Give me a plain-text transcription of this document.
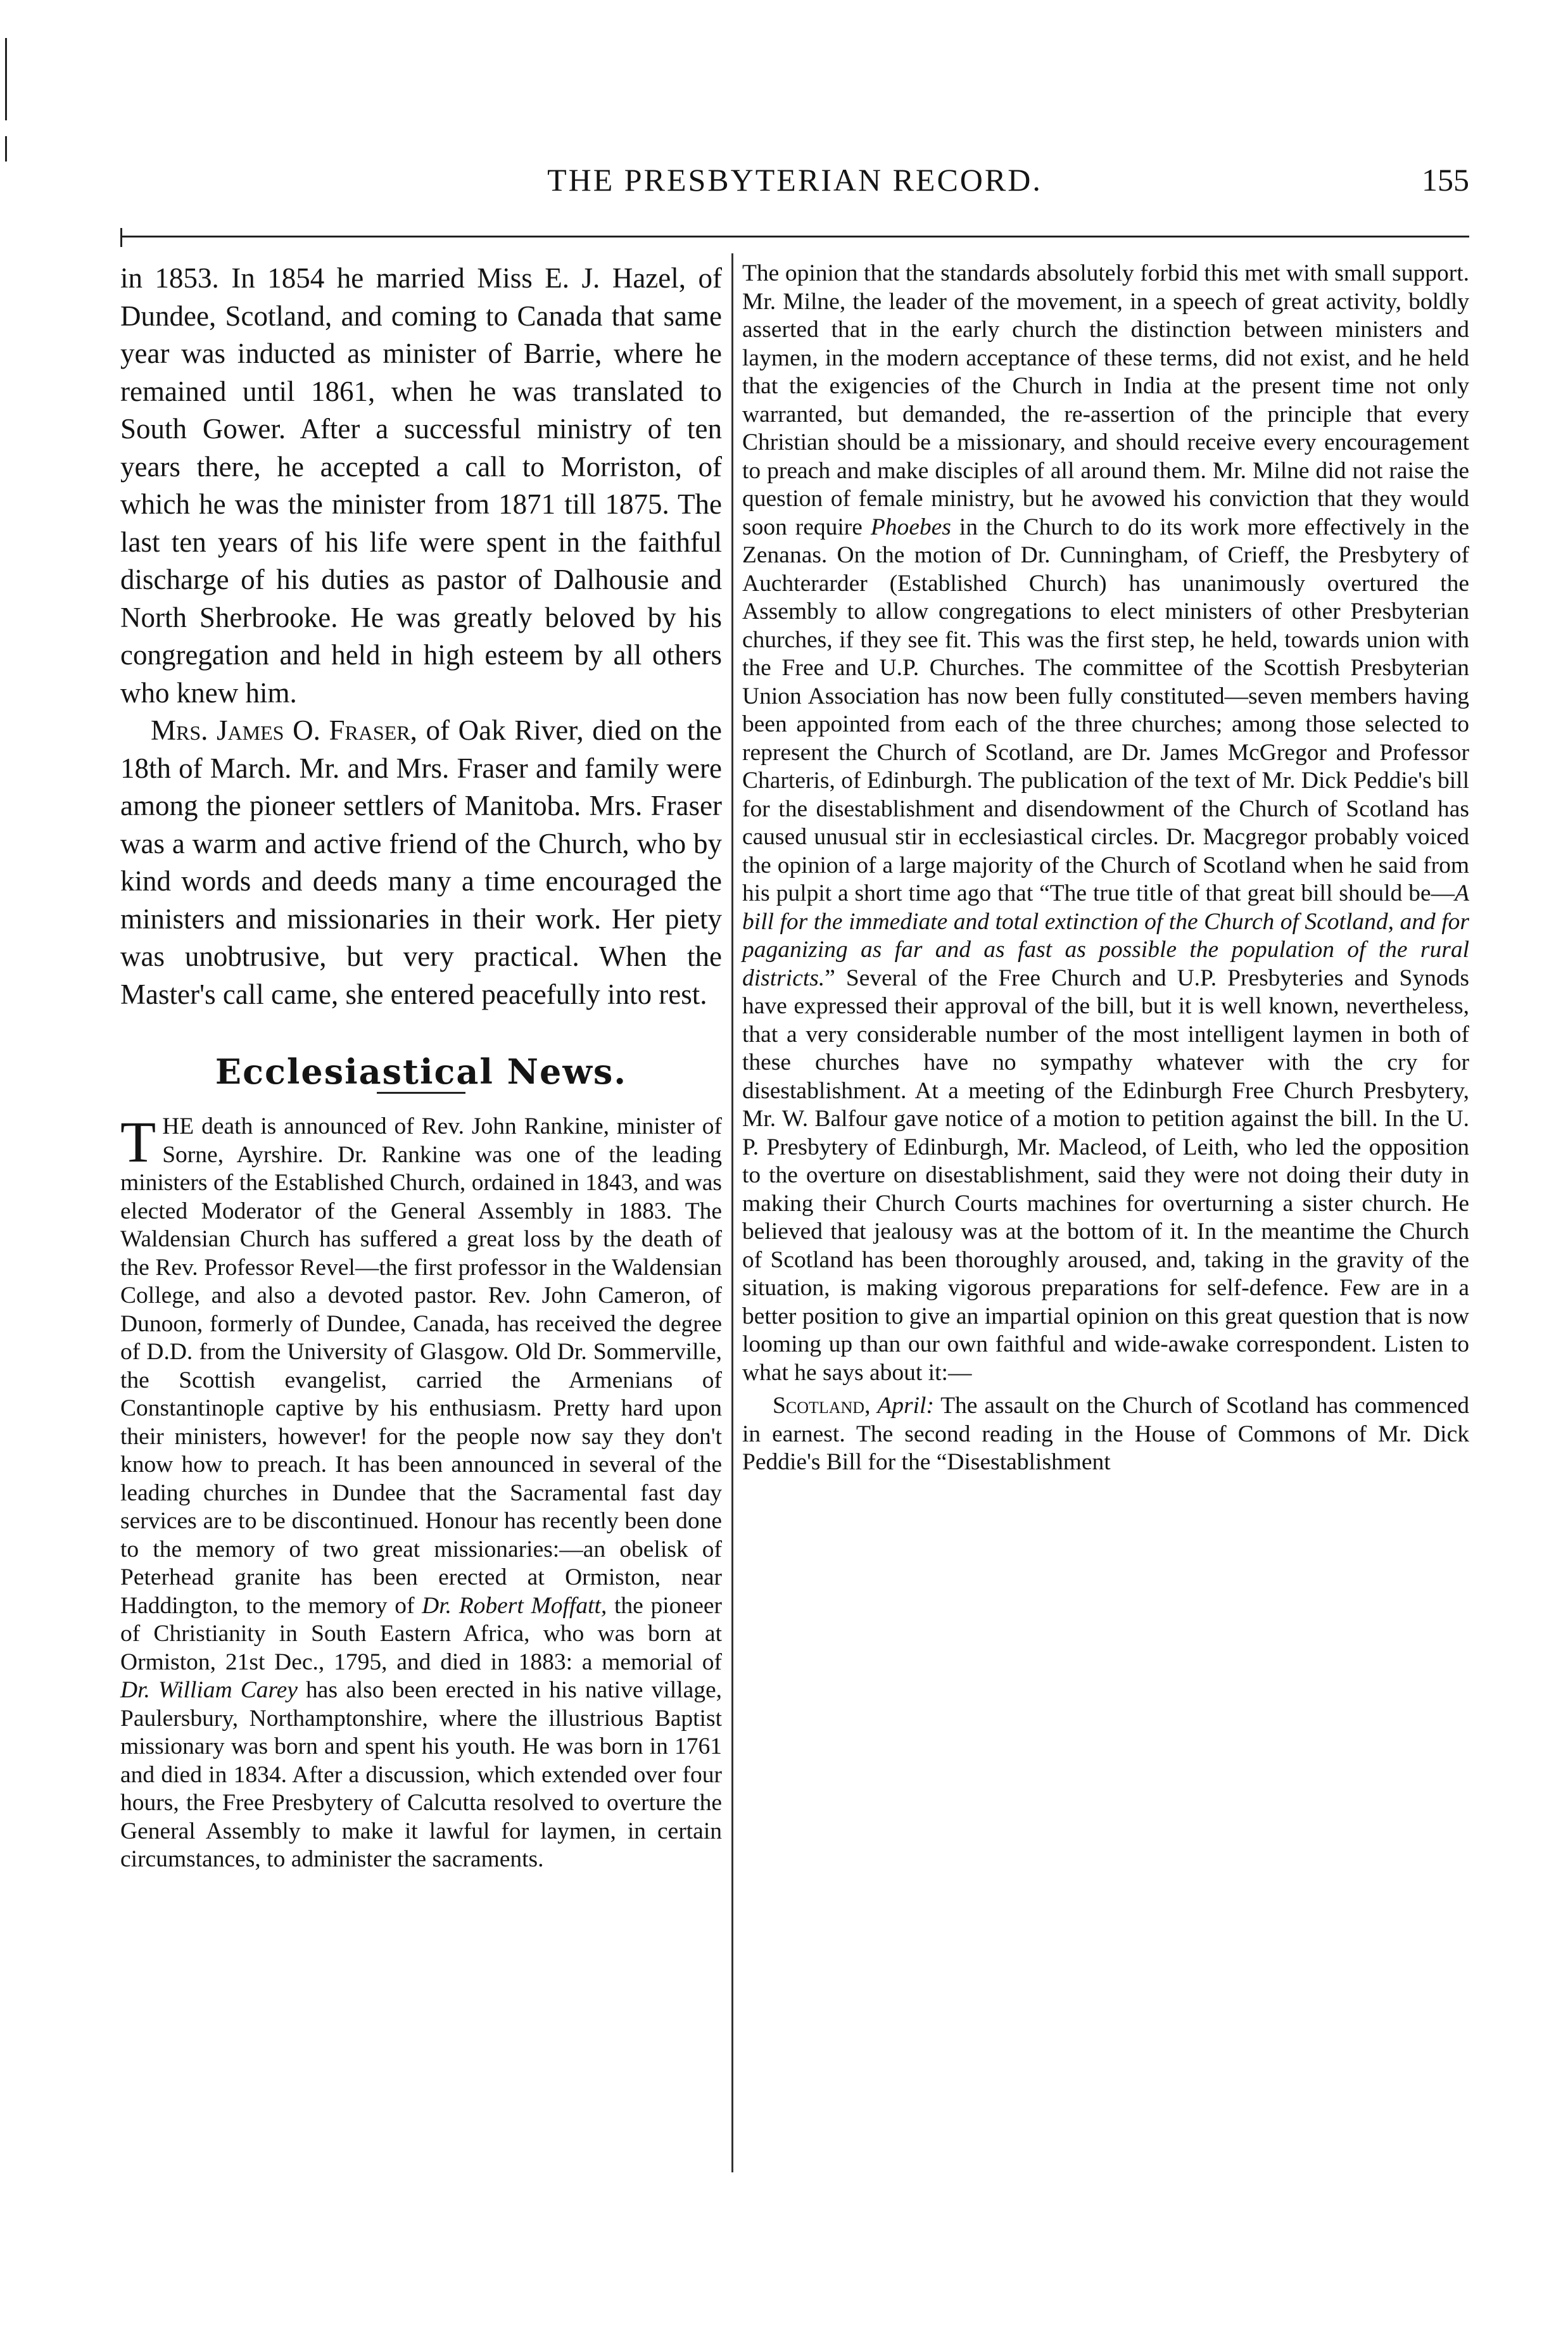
THE PRESBYTERIAN RECORD.	155

in 1853. In 1854 he married Miss E. J. Hazel, of Dundee, Scotland, and coming to Canada that same year was inducted as minister of Barrie, where he remained until 1861, when he was translated to South Gower. After a successful ministry of ten years there, he accepted a call to Morriston, of which he was the minister from 1871 till 1875. The last ten years of his life were spent in the faithful discharge of his duties as pastor of Dalhousie and North Sherbrooke. He was greatly beloved by his congregation and held in high esteem by all others who knew him.

Mrs. James O. Fraser, of Oak River, died on the 18th of March. Mr. and Mrs. Fraser and family were among the pioneer settlers of Manitoba. Mrs. Fraser was a warm and active friend of the Church, who by kind words and deeds many a time encouraged the ministers and missionaries in their work. Her piety was unobtrusive, but very practical. When the Master's call came, she entered peacefully into rest.

Ecclesiastical News.

THE death is announced of Rev. John Rankine, minister of Sorne, Ayrshire. Dr. Rankine was one of the leading ministers of the Established Church, ordained in 1843, and was elected Moderator of the General Assembly in 1883. The Waldensian Church has suffered a great loss by the death of the Rev. Professor Revel—the first professor in the Waldensian College, and also a devoted pastor. Rev. John Cameron, of Dunoon, formerly of Dundee, Canada, has received the degree of D.D. from the University of Glasgow. Old Dr. Sommerville, the Scottish evangelist, carried the Armenians of Constantinople captive by his enthusiasm. Pretty hard upon their ministers, however! for the people now say they don't know how to preach. It has been announced in several of the leading churches in Dundee that the Sacramental fast day services are to be discontinued. Honour has recently been done to the memory of two great missionaries:—an obelisk of Peterhead granite has been erected at Ormiston, near Haddington, to the memory of Dr. Robert Moffatt, the pioneer of Christianity in South Eastern Africa, who was born at Ormiston, 21st Dec., 1795, and died in 1883: a memorial of Dr. William Carey has also been erected in his native village, Paulersbury, Northamptonshire, where the illustrious Baptist missionary was born and spent his youth. He was born in 1761 and died in 1834. After a discussion, which extended over four hours, the Free Presbytery of Calcutta resolved to overture the General Assembly to make it lawful for laymen, in certain circumstances, to administer the sacraments.

The opinion that the standards absolutely forbid this met with small support. Mr. Milne, the leader of the movement, in a speech of great activity, boldly asserted that in the early church the distinction between ministers and laymen, in the modern acceptance of these terms, did not exist, and he held that the exigencies of the Church in India at the present time not only warranted, but demanded, the re-assertion of the principle that every Christian should be a missionary, and should receive every encouragement to preach and make disciples of all around them. Mr. Milne did not raise the question of female ministry, but he avowed his conviction that they would soon require Phoebes in the Church to do its work more effectively in the Zenanas. On the motion of Dr. Cunningham, of Crieff, the Presbytery of Auchterarder (Established Church) has unanimously overtured the Assembly to allow congregations to elect ministers of other Presbyterian churches, if they see fit. This was the first step, he held, towards union with the Free and U.P. Churches. The committee of the Scottish Presbyterian Union Association has now been fully constituted—seven members having been appointed from each of the three churches; among those selected to represent the Church of Scotland, are Dr. James McGregor and Professor Charteris, of Edinburgh. The publication of the text of Mr. Dick Peddie's bill for the disestablishment and disendowment of the Church of Scotland has caused unusual stir in ecclesiastical circles. Dr. Macgregor probably voiced the opinion of a large majority of the Church of Scotland when he said from his pulpit a short time ago that “The true title of that great bill should be—A bill for the immediate and total extinction of the Church of Scotland, and for paganizing as far and as fast as possible the population of the rural districts.” Several of the Free Church and U.P. Presbyteries and Synods have expressed their approval of the bill, but it is well known, nevertheless, that a very considerable number of the most intelligent laymen in both of these churches have no sympathy whatever with the cry for disestablishment. At a meeting of the Edinburgh Free Church Presbytery, Mr. W. Balfour gave notice of a motion to petition against the bill. In the U. P. Presbytery of Edinburgh, Mr. Macleod, of Leith, who led the opposition to the overture on disestablishment, said they were not doing their duty in making their Church Courts machines for overturning a sister church. He believed that jealousy was at the bottom of it. In the meantime the Church of Scotland has been thoroughly aroused, and, taking in the gravity of the situation, is making vigorous preparations for self-defence. Few are in a better position to give an impartial opinion on this great question that is now looming up than our own faithful and wide-awake correspondent. Listen to what he says about it:—

Scotland, April: The assault on the Church of Scotland has commenced in earnest. The second reading in the House of Commons of Mr. Dick Peddie's Bill for the “Disestablishment
